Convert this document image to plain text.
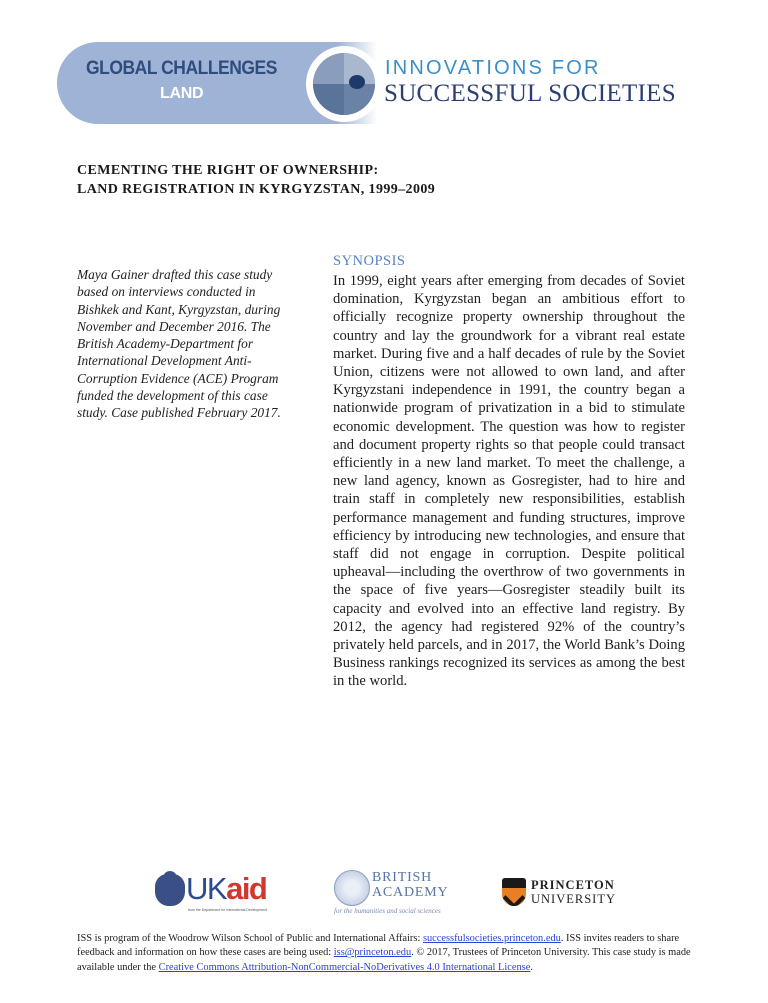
GLOBAL CHALLENGES
LAND
INNOVATIONS FOR
SUCCESSFUL SOCIETIES
CEMENTING THE RIGHT OF OWNERSHIP:
LAND REGISTRATION IN KYRGYZSTAN, 1999–2009
Maya Gainer drafted this case study based on interviews conducted in Bishkek and Kant, Kyrgyzstan, during November and December 2016. The British Academy-Department for International Development Anti-Corruption Evidence (ACE) Program funded the development of this case study. Case published February 2017.
SYNOPSIS
In 1999, eight years after emerging from decades of Soviet domination, Kyrgyzstan began an ambitious effort to officially recognize property ownership throughout the country and lay the groundwork for a vibrant real estate market. During five and a half decades of rule by the Soviet Union, citizens were not allowed to own land, and after Kyrgyzstani independence in 1991, the country began a nationwide program of privatization in a bid to stimulate economic development. The question was how to register and document property rights so that people could transact efficiently in a new land market. To meet the challenge, a new land agency, known as Gosregister, had to hire and train staff in completely new responsibilities, establish performance management and funding structures, improve efficiency by introducing new technologies, and ensure that staff did not engage in corruption. Despite political upheaval—including the overthrow of two governments in the space of five years—Gosregister steadily built its capacity and evolved into an effective land registry. By 2012, the agency had registered 92% of the country’s privately held parcels, and in 2017, the World Bank’s Doing Business rankings recognized its services as among the best in the world.
UKaid
from the Department for International Development
BRITISH
ACADEMY
for the humanities and social sciences
PRINCETON
UNIVERSITY
ISS is program of the Woodrow Wilson School of Public and International Affairs: successfulsocieties.princeton.edu. ISS invites readers to share feedback and information on how these cases are being used: iss@princeton.edu. © 2017, Trustees of Princeton University. This case study is made available under the Creative Commons Attribution-NonCommercial-NoDerivatives 4.0 International License.
